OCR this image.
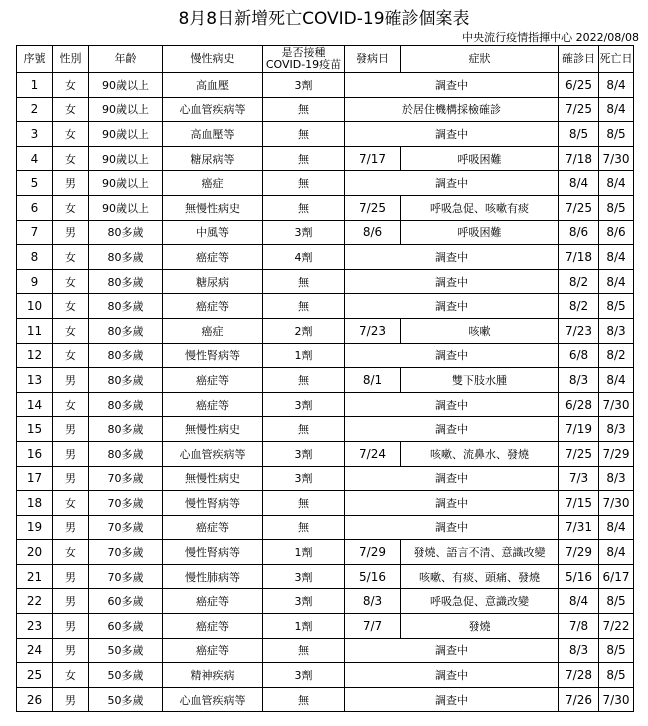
8月8日新增死亡COVID-19確診個案表
中央流行疫情指揮中心 2022/08/08
序號	性別	年齡	慢性病史	是否接種
COVID-19疫苗	發病日	症狀	確診日	死亡日
1	女	90歲以上	高血壓	3劑	調查中		6/25	8/4
2	女	90歲以上	心血管疾病等	無	於居住機構採檢確診		7/25	8/4
3	女	90歲以上	高血壓等	無	調查中		8/5	8/5
4	女	90歲以上	糖尿病等	無	7/17	呼吸困難	7/18	7/30
5	男	90歲以上	癌症	無	調查中		8/4	8/4
6	女	90歲以上	無慢性病史	無	7/25	呼吸急促、咳嗽有痰	7/25	8/5
7	男	80多歲	中風等	3劑	8/6	呼吸困難	8/6	8/6
8	女	80多歲	癌症等	4劑	調查中		7/18	8/4
9	女	80多歲	糖尿病	無	調查中		8/2	8/4
10	女	80多歲	癌症等	無	調查中		8/2	8/5
11	女	80多歲	癌症	2劑	7/23	咳嗽	7/23	8/3
12	女	80多歲	慢性腎病等	1劑	調查中		6/8	8/2
13	男	80多歲	癌症等	無	8/1	雙下肢水腫	8/3	8/4
14	女	80多歲	癌症等	3劑	調查中		6/28	7/30
15	男	80多歲	無慢性病史	無	調查中		7/19	8/3
16	男	80多歲	心血管疾病等	3劑	7/24	咳嗽、流鼻水、發燒	7/25	7/29
17	男	70多歲	無慢性病史	3劑	調查中		7/3	8/3
18	女	70多歲	慢性腎病等	無	調查中		7/15	7/30
19	男	70多歲	癌症等	無	調查中		7/31	8/4
20	女	70多歲	慢性腎病等	1劑	7/29	發燒、語言不清、意識改變	7/29	8/4
21	男	70多歲	慢性肺病等	3劑	5/16	咳嗽、有痰、頭痛、發燒	5/16	6/17
22	男	60多歲	癌症等	3劑	8/3	呼吸急促、意識改變	8/4	8/5
23	男	60多歲	癌症等	1劑	7/7	發燒	7/8	7/22
24	男	50多歲	癌症等	無	調查中		8/3	8/5
25	女	50多歲	精神疾病	3劑	調查中		7/28	8/5
26	男	50多歲	心血管疾病等	無	調查中		7/26	7/30
